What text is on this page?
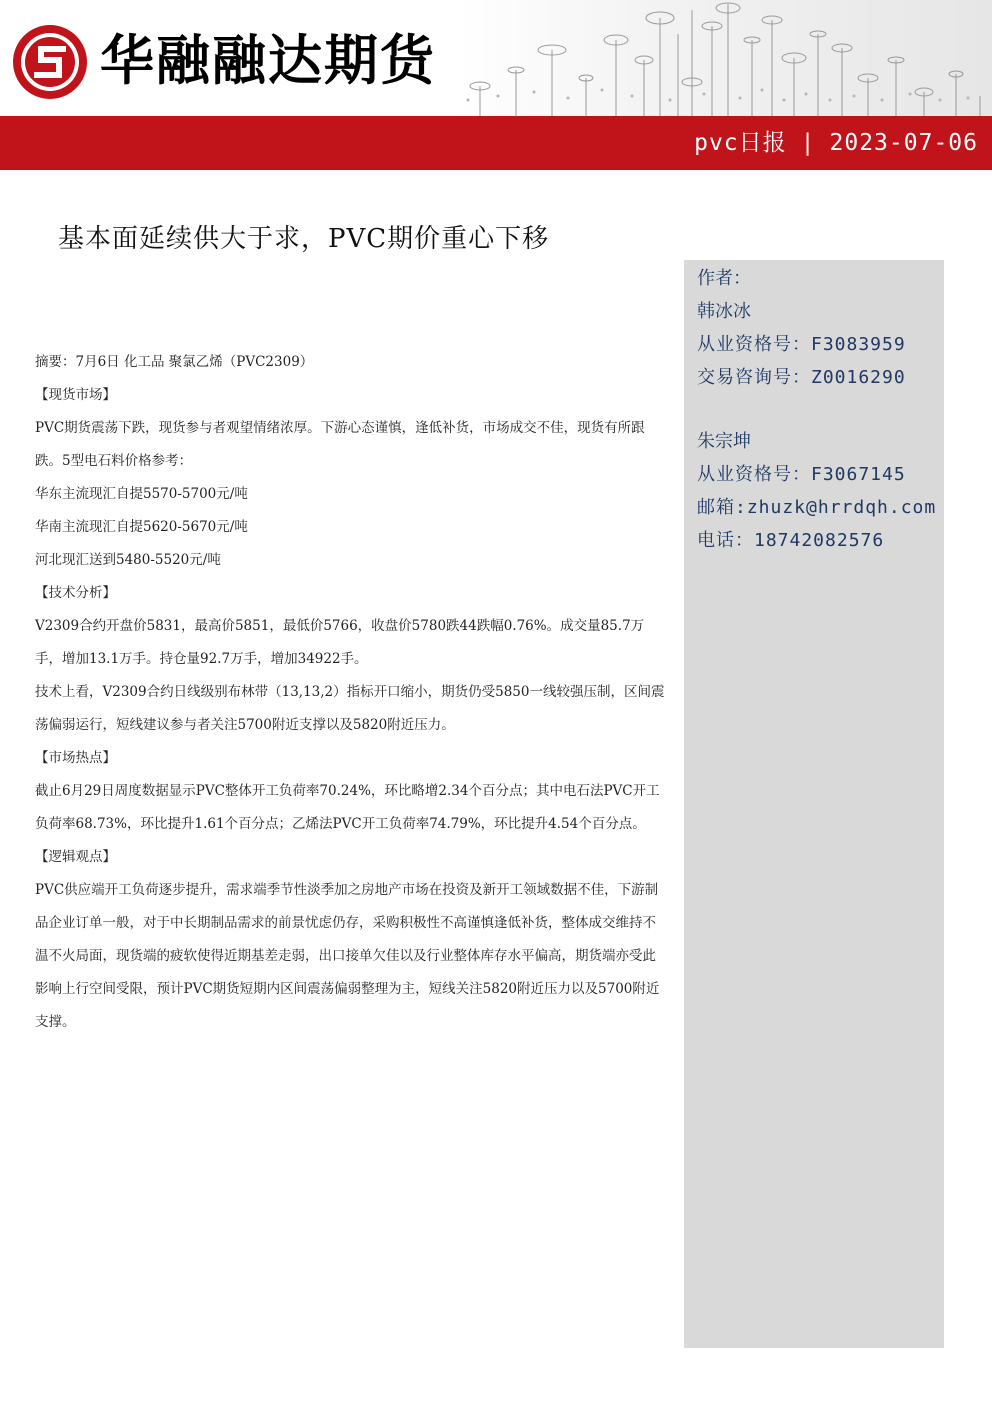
华融融达期货
pvc日报 | 2023-07-06
基本面延续供大于求，PVC期价重心下移
作者：
韩冰冰
从业资格号：F3083959
交易咨询号：Z0016290
朱宗坤
从业资格号：F3067145
邮箱:zhuzk@hrrdqh.com
电话：18742082576

摘要：7月6日 化工品 聚氯乙烯（PVC2309）

【现货市场】

PVC期货震荡下跌，现货参与者观望情绪浓厚。下游心态谨慎，逢低补货，市场成交不佳，现货有所跟跌。5型电石料价格参考：

华东主流现汇自提5570-5700元/吨

华南主流现汇自提5620-5670元/吨

河北现汇送到5480-5520元/吨

【技术分析】

V2309合约开盘价5831，最高价5851，最低价5766，收盘价5780跌44跌幅0.76%。成交量85.7万手，增加13.1万手。持仓量92.7万手，增加34922手。

技术上看，V2309合约日线级别布林带（13,13,2）指标开口缩小，期货仍受5850一线较强压制，区间震荡偏弱运行，短线建议参与者关注5700附近支撑以及5820附近压力。

【市场热点】

截止6月29日周度数据显示PVC整体开工负荷率70.24%，环比略增2.34个百分点；其中电石法PVC开工负荷率68.73%，环比提升1.61个百分点；乙烯法PVC开工负荷率74.79%，环比提升4.54个百分点。

【逻辑观点】

PVC供应端开工负荷逐步提升，需求端季节性淡季加之房地产市场在投资及新开工领域数据不佳，下游制品企业订单一般，对于中长期制品需求的前景忧虑仍存，采购积极性不高谨慎逢低补货，整体成交维持不温不火局面，现货端的疲软使得近期基差走弱，出口接单欠佳以及行业整体库存水平偏高，期货端亦受此影响上行空间受限，预计PVC期货短期内区间震荡偏弱整理为主，短线关注5820附近压力以及5700附近支撑。
